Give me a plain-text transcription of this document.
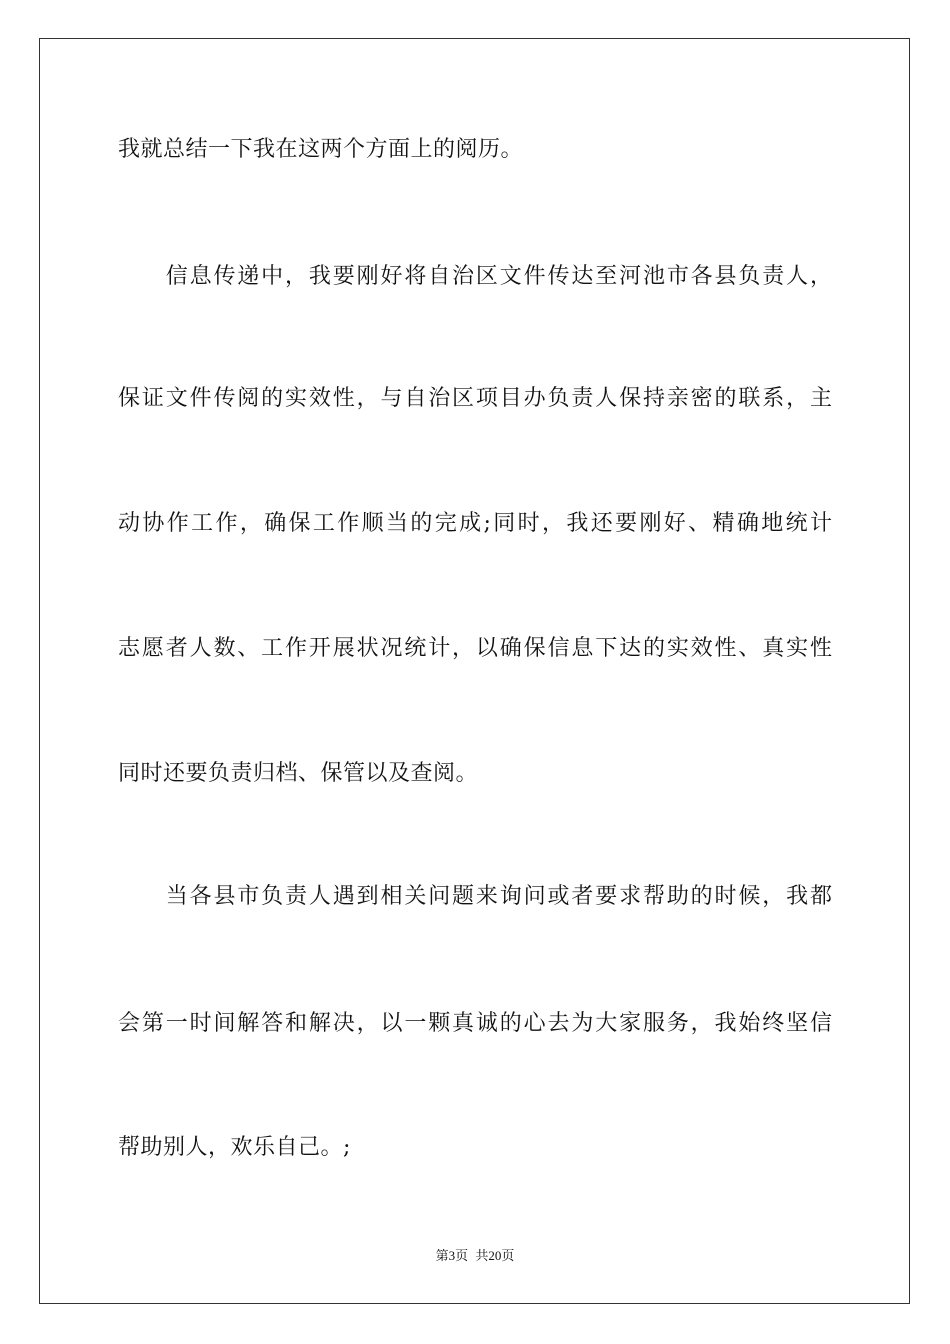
我就总结一下我在这两个方面上的阅历。
　　信息传递中，我要刚好将自治区文件传达至河池市各县负责人，
保证文件传阅的实效性，与自治区项目办负责人保持亲密的联系，主
动协作工作，确保工作顺当的完成;同时，我还要刚好、精确地统计
志愿者人数、工作开展状况统计，以确保信息下达的实效性、真实性
同时还要负责归档、保管以及查阅。
　　当各县市负责人遇到相关问题来询问或者要求帮助的时候，我都
会第一时间解答和解决，以一颗真诚的心去为大家服务，我始终坚信
帮助别人，欢乐自己。;
第3页 共20页
